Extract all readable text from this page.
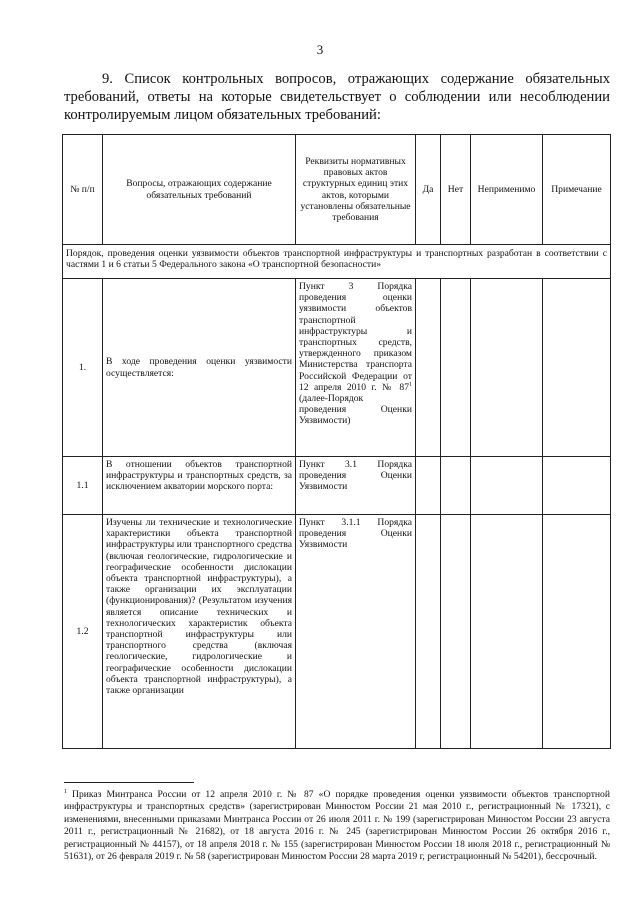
3
9. Список контрольных вопросов, отражающих содержание обязательных требований, ответы на которые свидетельствует о соблюдении или несоблюдении контролируемым лицом обязательных требований:
№ п/п	Вопросы, отражающих содержание обязательных требований	Реквизиты нормативных правовых актов структурных единиц этих актов, которыми установлены обязательные требования	Да	Нет	Неприменимо	Примечание
Порядок, проведения оценки уязвимости объектов транспортной инфраструктуры и транспортных разработан в соответствии с частями 1 и 6 статьи 5 Федерального закона «О транспортной безопасности»						
1.	В ходе проведения оценки уязвимости осуществляется:	Пункт 3 Порядка проведения оценки уязвимости объектов транспортной инфраструктуры и транспортных средств, утвержденного приказом Министерства транспорта Российской Федерации от 12 апреля 2010 г. № $87^1$ (далее-Порядок проведения Оценки Уязвимости)				
1.1	В отношении объектов транспортной инфраструктуры и транспортных средств, за исключением акватории морского порта:	Пункт 3.1 Порядка проведения Оценки Уязвимости				
1.2	Изучены ли технические и технологические характеристики объекта транспортной инфраструктуры или транспортного средства (включая геологические, гидрологические и географические особенности дислокации объекта транспортной инфраструктуры), а также организации их эксплуатации (функционирования)? (Результатом изучения является описание технических и технологических характеристик объекта транспортной инфраструктуры или транспортного средства (включая геологические, гидрологические и географические особенности дислокации объекта транспортной инфраструктуры), а также организации	Пункт 3.1.1 Порядка проведения Оценки Уязвимости				
$^1$ Приказ Минтранса России от 12 апреля 2010 г. № 87 «О порядке проведения оценки уязвимости объектов транспортной инфраструктуры и транспортных средств» (зарегистрирован Минюстом России 21 мая 2010 г., регистрационный № 17321), с изменениями, внесенными приказами Минтранса России от 26 июля 2011 г. № 199 (зарегистрирован Минюстом России 23 августа 2011 г., регистрационный № 21682), от 18 августа 2016 г. № 245 (зарегистрирован Минюстом России 26 октября 2016 г., регистрационный № 44157), от 18 апреля 2018 г. № 155 (зарегистрирован Минюстом России 18 июля 2018 г., регистрационный № 51631), от 26 февраля 2019 г. № 58 (зарегистрирован Минюстом России 28 марта 2019 г, регистрационный № 54201), бессрочный.
